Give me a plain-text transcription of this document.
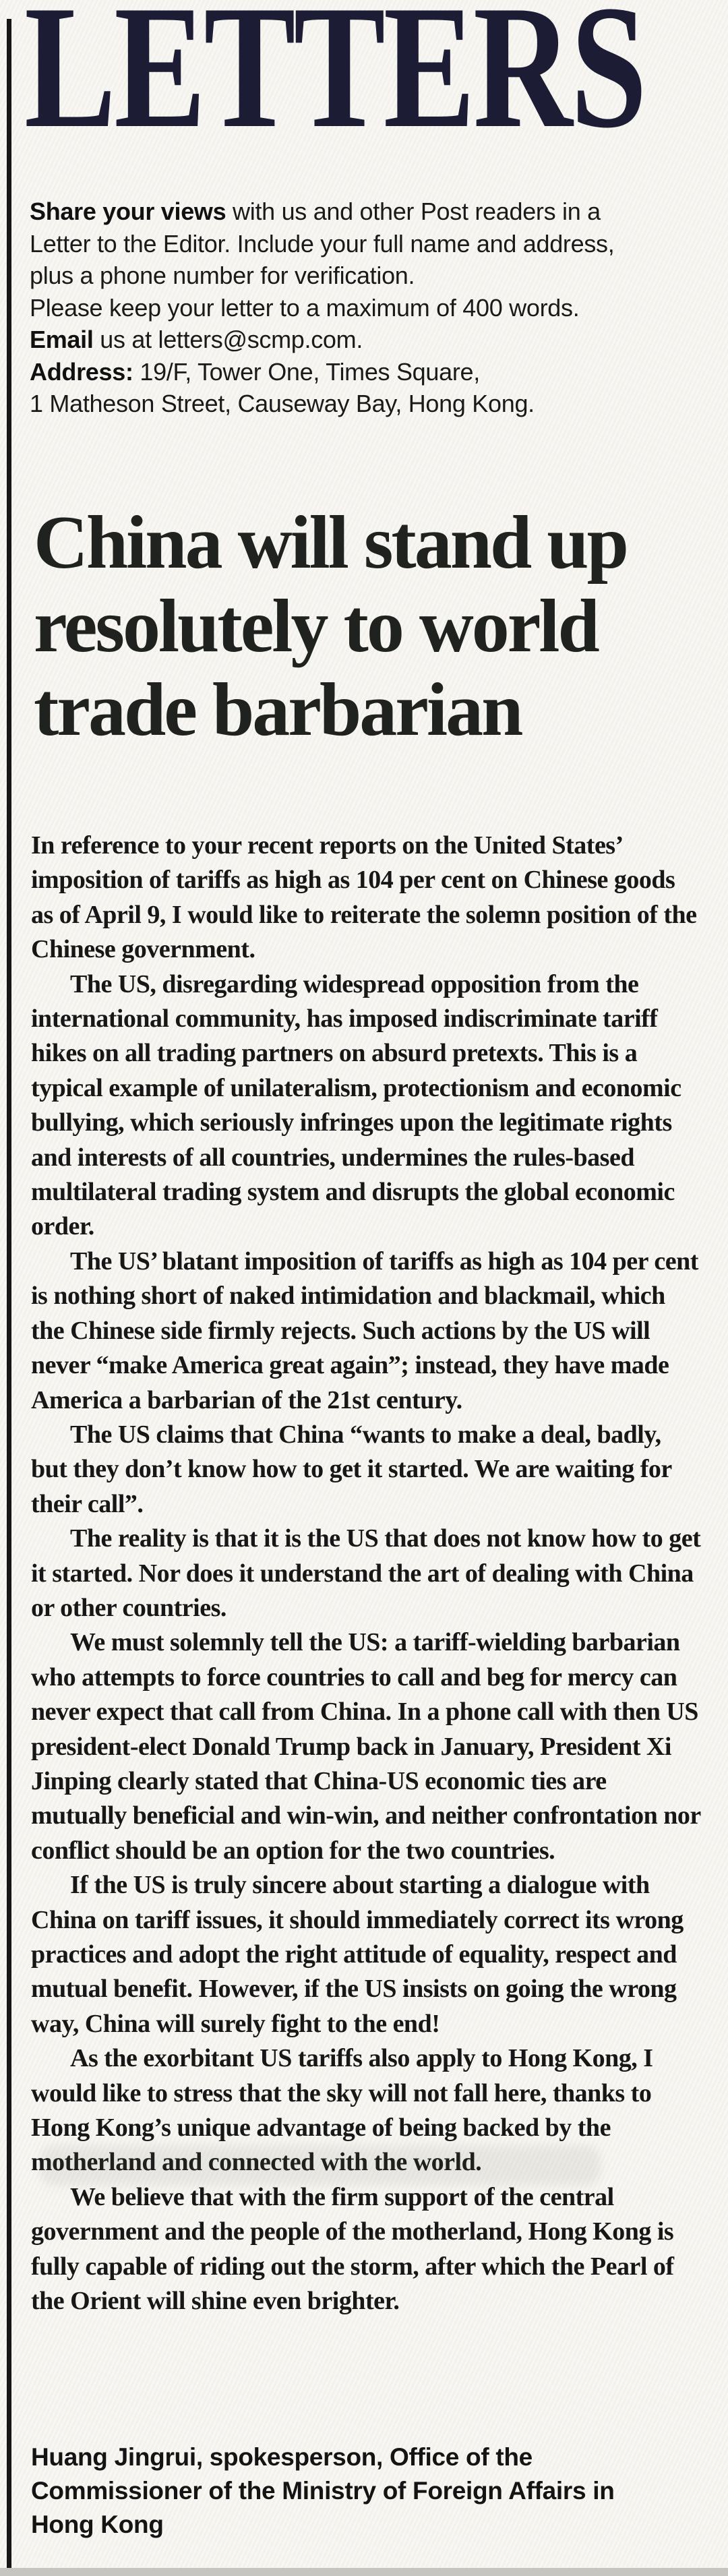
LETTERS
Share your views with us and other Post readers in a
Letter to the Editor. Include your full name and address,
plus a phone number for verification.
Please keep your letter to a maximum of 400 words.
Email us at letters@scmp.com.
Address: 19/F, Tower One, Times Square,
1 Matheson Street, Causeway Bay, Hong Kong.
China will stand up resolutely to world trade barbarian

In reference to your recent reports on the United States’ imposition of tariffs as high as 104 per cent on Chinese goods as of April 9, I would like to reiterate the solemn position of the Chinese government.

The US, disregarding widespread opposition from the international community, has imposed indiscriminate tariff hikes on all trading partners on absurd pretexts. This is a typical example of unilateralism, protectionism and economic bullying, which seriously infringes upon the legitimate rights and interests of all countries, undermines the rules-based multilateral trading system and disrupts the global economic order.

The US’ blatant imposition of tariffs as high as 104 per cent is nothing short of naked intimidation and blackmail, which the Chinese side firmly rejects. Such actions by the US will never “make America great again”; instead, they have made America a barbarian of the 21st century.

The US claims that China “wants to make a deal, badly, but they don’t know how to get it started. We are waiting for their call”.

The reality is that it is the US that does not know how to get it started. Nor does it understand the art of dealing with China or other countries.

We must solemnly tell the US: a tariff-wielding barbarian who attempts to force countries to call and beg for mercy can never expect that call from China. In a phone call with then US president-elect Donald Trump back in January, President Xi Jinping clearly stated that China-US economic ties are mutually beneficial and win-win, and neither confrontation nor conflict should be an option for the two countries.

If the US is truly sincere about starting a dialogue with China on tariff issues, it should immediately correct its wrong practices and adopt the right attitude of equality, respect and mutual benefit. However, if the US insists on going the wrong way, China will surely fight to the end!

As the exorbitant US tariffs also apply to Hong Kong, I would like to stress that the sky will not fall here, thanks to Hong Kong’s unique advantage of being backed by the motherland and connected with the world.

We believe that with the firm support of the central government and the people of the motherland, Hong Kong is fully capable of riding out the storm, after which the Pearl of the Orient will shine even brighter.

Huang Jingrui, spokesperson, Office of the
Commissioner of the Ministry of Foreign Affairs in
Hong Kong
